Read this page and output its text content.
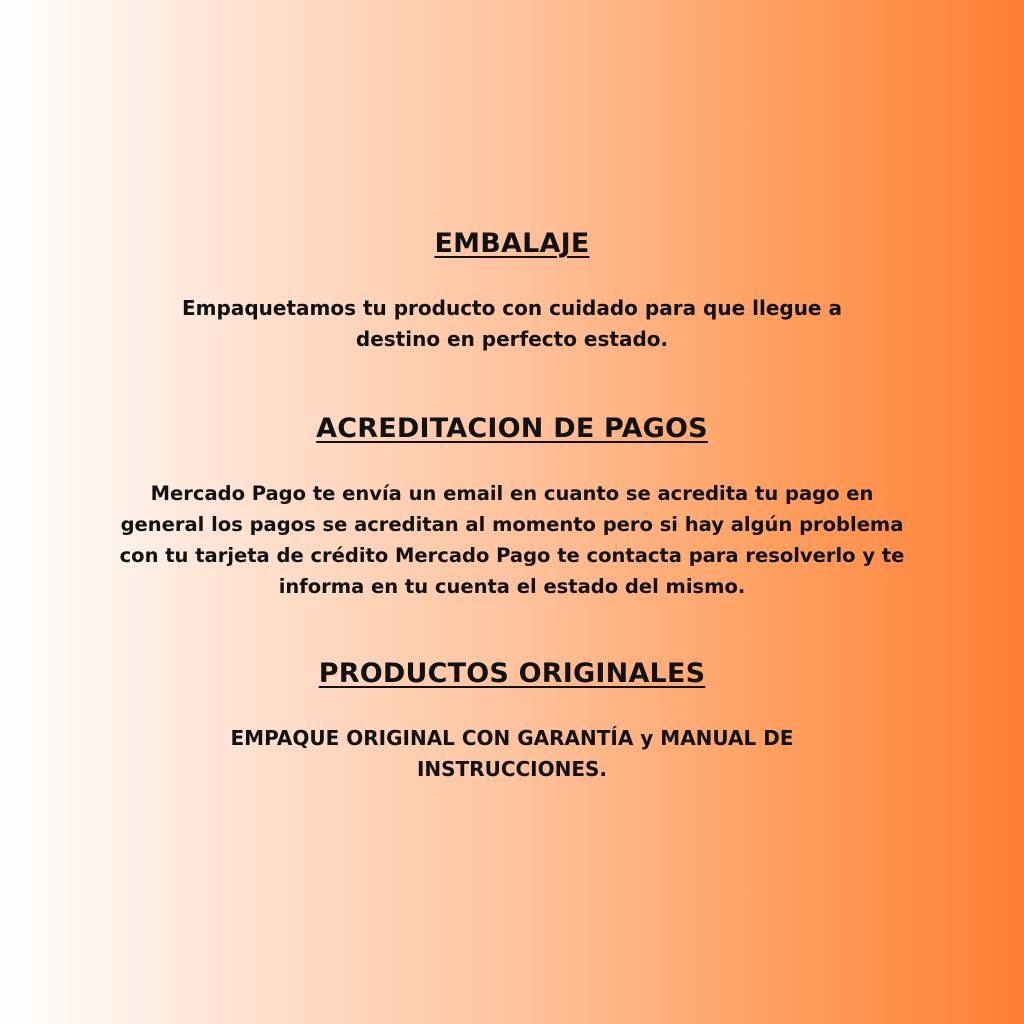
EMBALAJE

Empaquetamos tu producto con cuidado para que llegue a destino en perfecto estado.

ACREDITACION DE PAGOS

Mercado Pago te envía un email en cuanto se acredita tu pago en general los pagos se acreditan al momento pero si hay algún problema con tu tarjeta de crédito Mercado Pago te contacta para resolverlo y te informa en tu cuenta el estado del mismo.

PRODUCTOS ORIGINALES

EMPAQUE ORIGINAL CON GARANTÍA y MANUAL DE INSTRUCCIONES.
